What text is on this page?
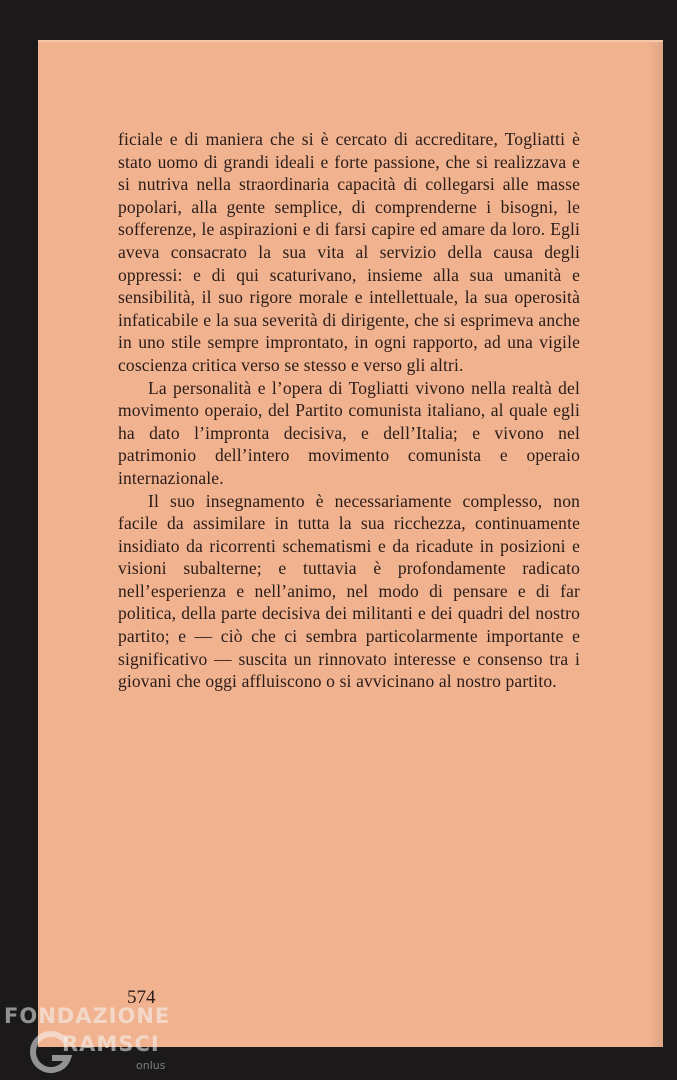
ficiale e di maniera che si è cercato di accreditare, Togliatti è stato uomo di grandi ideali e forte passione, che si realizzava e si nutriva nella straordinaria capacità di collegarsi alle masse popolari, alla gente semplice, di comprenderne i bisogni, le sofferenze, le aspirazioni e di farsi capire ed amare da loro. Egli aveva consacrato la sua vita al servizio della causa degli oppressi: e di qui scaturivano, insieme alla sua umanità e sensibilità, il suo rigore morale e intellettuale, la sua operosità infaticabile e la sua severità di dirigente, che si esprimeva anche in uno stile sempre improntato, in ogni rapporto, ad una vigile coscienza critica verso se stesso e verso gli altri.

La personalità e l’opera di Togliatti vivono nella realtà del movimento operaio, del Partito comunista italiano, al quale egli ha dato l’impronta decisiva, e dell’Italia; e vivono nel patrimonio dell’intero movimento comunista e operaio internazionale.

Il suo insegnamento è necessariamente complesso, non facile da assimilare in tutta la sua ricchezza, continuamente insidiato da ricorrenti schematismi e da ricadute in posizioni e visioni subalterne; e tuttavia è profondamente radicato nell’esperienza e nell’animo, nel modo di pensare e di far politica, della parte decisiva dei militanti e dei quadri del nostro partito; e — ciò che ci sembra particolarmente importante e significativo — suscita un rinnovato interesse e consenso tra i giovani che oggi affluiscono o si avvicinano al nostro partito.

574
FONDAZIONE
RAMSCI
onlus
